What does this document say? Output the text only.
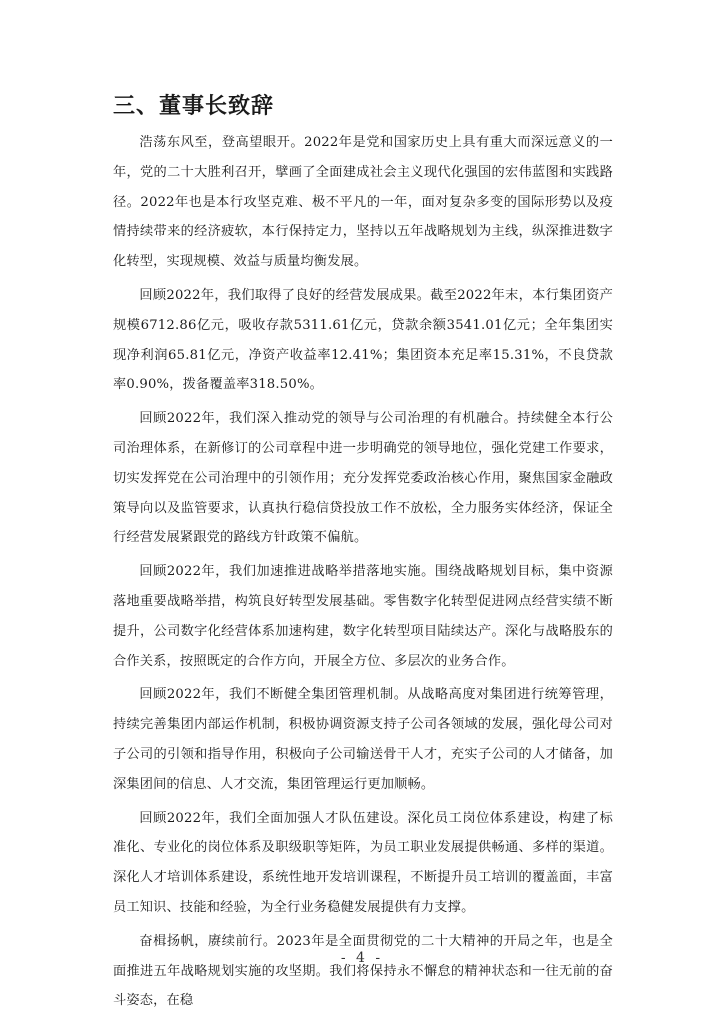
三、董事长致辞

浩荡东风至，登高望眼开。2022年是党和国家历史上具有重大而深远意义的一年，党的二十大胜利召开，擘画了全面建成社会主义现代化强国的宏伟蓝图和实践路径。2022年也是本行攻坚克难、极不平凡的一年，面对复杂多变的国际形势以及疫情持续带来的经济疲软，本行保持定力，坚持以五年战略规划为主线，纵深推进数字化转型，实现规模、效益与质量均衡发展。

回顾2022年，我们取得了良好的经营发展成果。截至2022年末，本行集团资产规模6712.86亿元，吸收存款5311.61亿元，贷款余额3541.01亿元；全年集团实现净利润65.81亿元，净资产收益率12.41%；集团资本充足率15.31%，不良贷款率0.90%，拨备覆盖率318.50%。

回顾2022年，我们深入推动党的领导与公司治理的有机融合。持续健全本行公司治理体系，在新修订的公司章程中进一步明确党的领导地位，强化党建工作要求，切实发挥党在公司治理中的引领作用；充分发挥党委政治核心作用，聚焦国家金融政策导向以及监管要求，认真执行稳信贷投放工作不放松，全力服务实体经济，保证全行经营发展紧跟党的路线方针政策不偏航。

回顾2022年，我们加速推进战略举措落地实施。围绕战略规划目标，集中资源落地重要战略举措，构筑良好转型发展基础。零售数字化转型促进网点经营实绩不断提升，公司数字化经营体系加速构建，数字化转型项目陆续达产。深化与战略股东的合作关系，按照既定的合作方向，开展全方位、多层次的业务合作。

回顾2022年，我们不断健全集团管理机制。从战略高度对集团进行统筹管理，持续完善集团内部运作机制，积极协调资源支持子公司各领域的发展，强化母公司对子公司的引领和指导作用，积极向子公司输送骨干人才，充实子公司的人才储备，加深集团间的信息、人才交流，集团管理运行更加顺畅。

回顾2022年，我们全面加强人才队伍建设。深化员工岗位体系建设，构建了标准化、专业化的岗位体系及职级职等矩阵，为员工职业发展提供畅通、多样的渠道。深化人才培训体系建设，系统性地开发培训课程，不断提升员工培训的覆盖面，丰富员工知识、技能和经验，为全行业务稳健发展提供有力支撑。

奋楫扬帆，赓续前行。2023年是全面贯彻党的二十大精神的开局之年，也是全面推进五年战略规划实施的攻坚期。我们将保持永不懈怠的精神状态和一往无前的奋斗姿态，在稳

- 4 -
